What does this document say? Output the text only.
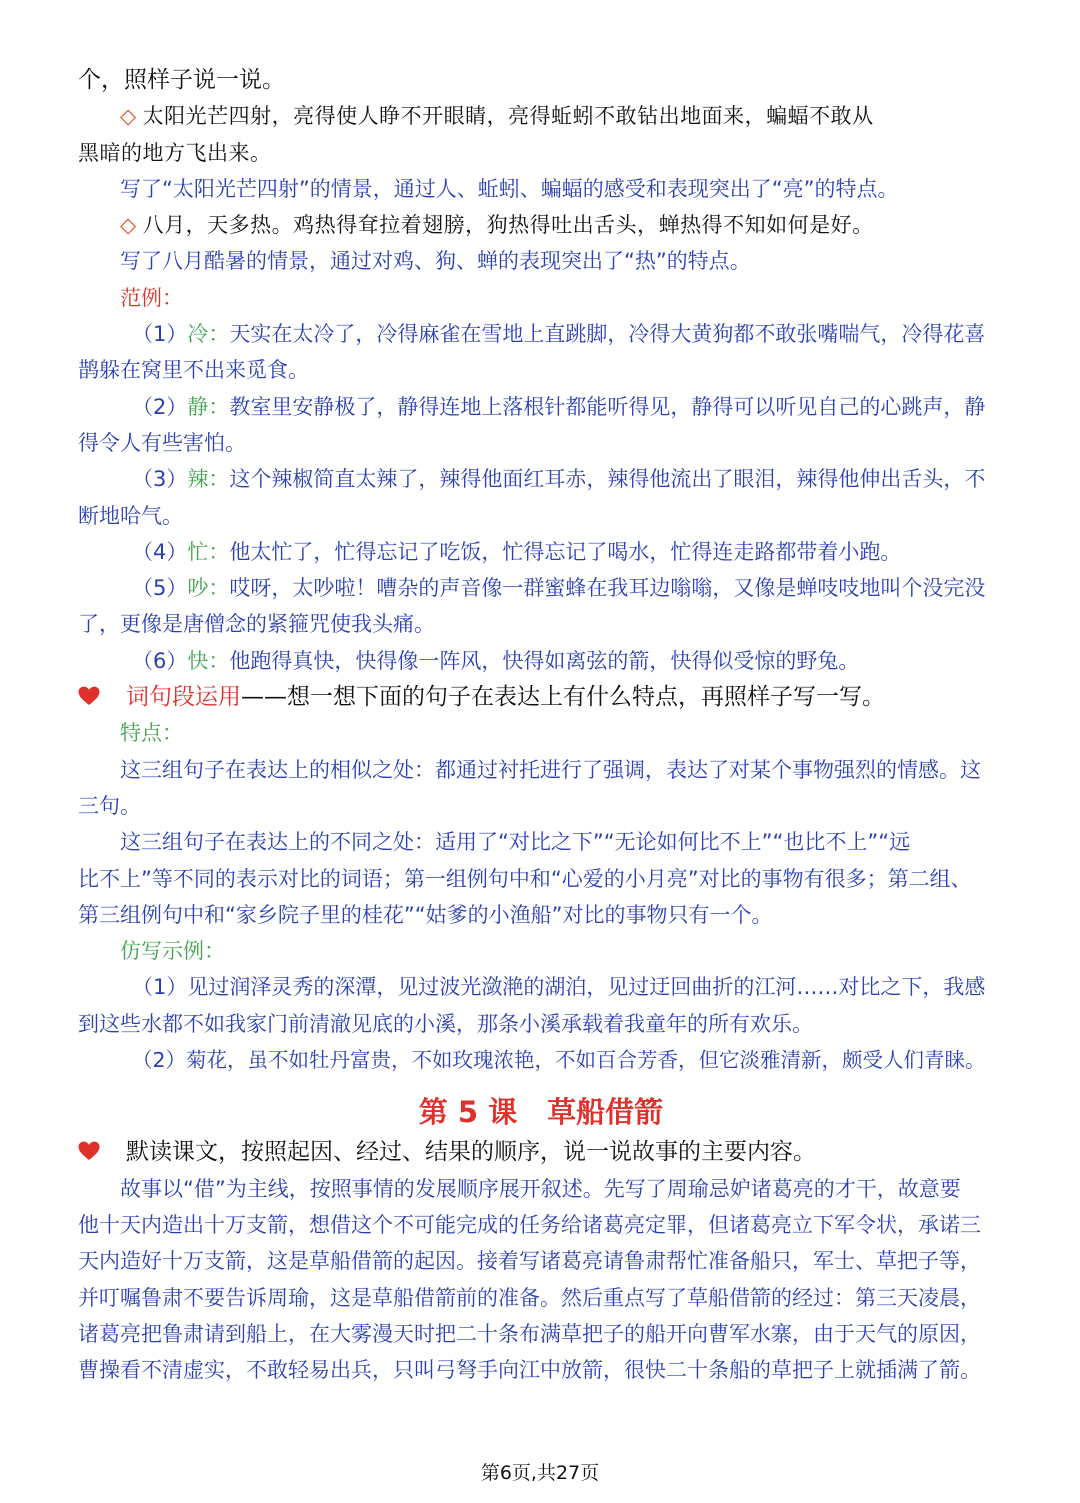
个，照样子说一说。
◇ 太阳光芒四射，亮得使人睁不开眼睛，亮得蚯蚓不敢钻出地面来，蝙蝠不敢从
黑暗的地方飞出来。
写了“太阳光芒四射”的情景，通过人、蚯蚓、蝙蝠的感受和表现突出了“亮”的特点。
◇ 八月，天多热。鸡热得耷拉着翅膀，狗热得吐出舌头，蝉热得不知如何是好。
写了八月酷暑的情景，通过对鸡、狗、蝉的表现突出了“热”的特点。
范例：
（1）冷：天实在太冷了，冷得麻雀在雪地上直跳脚，冷得大黄狗都不敢张嘴喘气，冷得花喜
鹊躲在窝里不出来觅食。
（2）静：教室里安静极了，静得连地上落根针都能听得见，静得可以听见自己的心跳声，静
得令人有些害怕。
（3）辣：这个辣椒简直太辣了，辣得他面红耳赤，辣得他流出了眼泪，辣得他伸出舌头，不
断地哈气。
（4）忙：他太忙了，忙得忘记了吃饭，忙得忘记了喝水，忙得连走路都带着小跑。
（5）吵：哎呀，太吵啦！嘈杂的声音像一群蜜蜂在我耳边嗡嗡，又像是蝉吱吱地叫个没完没
了，更像是唐僧念的紧箍咒使我头痛。
（6）快：他跑得真快，快得像一阵风，快得如离弦的箭，快得似受惊的野兔。
词句段运用——想一想下面的句子在表达上有什么特点，再照样子写一写。
特点：
这三组句子在表达上的相似之处：都通过衬托进行了强调，表达了对某个事物强烈的情感。这
三句。
这三组句子在表达上的不同之处：适用了“对比之下”“无论如何比不上”“也比不上”“远
比不上”等不同的表示对比的词语；第一组例句中和“心爱的小月亮”对比的事物有很多；第二组、
第三组例句中和“家乡院子里的桂花”“姑爹的小渔船”对比的事物只有一个。
仿写示例：
（1）见过润泽灵秀的深潭，见过波光潋滟的湖泊，见过迂回曲折的江河……对比之下，我感
到这些水都不如我家门前清澈见底的小溪，那条小溪承载着我童年的所有欢乐。
（2）菊花，虽不如牡丹富贵，不如玫瑰浓艳，不如百合芳香，但它淡雅清新，颇受人们青睐。
第 5 课 草船借箭
默读课文，按照起因、经过、结果的顺序，说一说故事的主要内容。
故事以“借”为主线，按照事情的发展顺序展开叙述。先写了周瑜忌妒诸葛亮的才干，故意要
他十天内造出十万支箭，想借这个不可能完成的任务给诸葛亮定罪，但诸葛亮立下军令状，承诺三
天内造好十万支箭，这是草船借箭的起因。接着写诸葛亮请鲁肃帮忙准备船只，军士、草把子等，
并叮嘱鲁肃不要告诉周瑜，这是草船借箭前的准备。然后重点写了草船借箭的经过：第三天凌晨，
诸葛亮把鲁肃请到船上，在大雾漫天时把二十条布满草把子的船开向曹军水寨，由于天气的原因，
曹操看不清虚实，不敢轻易出兵，只叫弓弩手向江中放箭，很快二十条船的草把子上就插满了箭。
第6页,共27页
